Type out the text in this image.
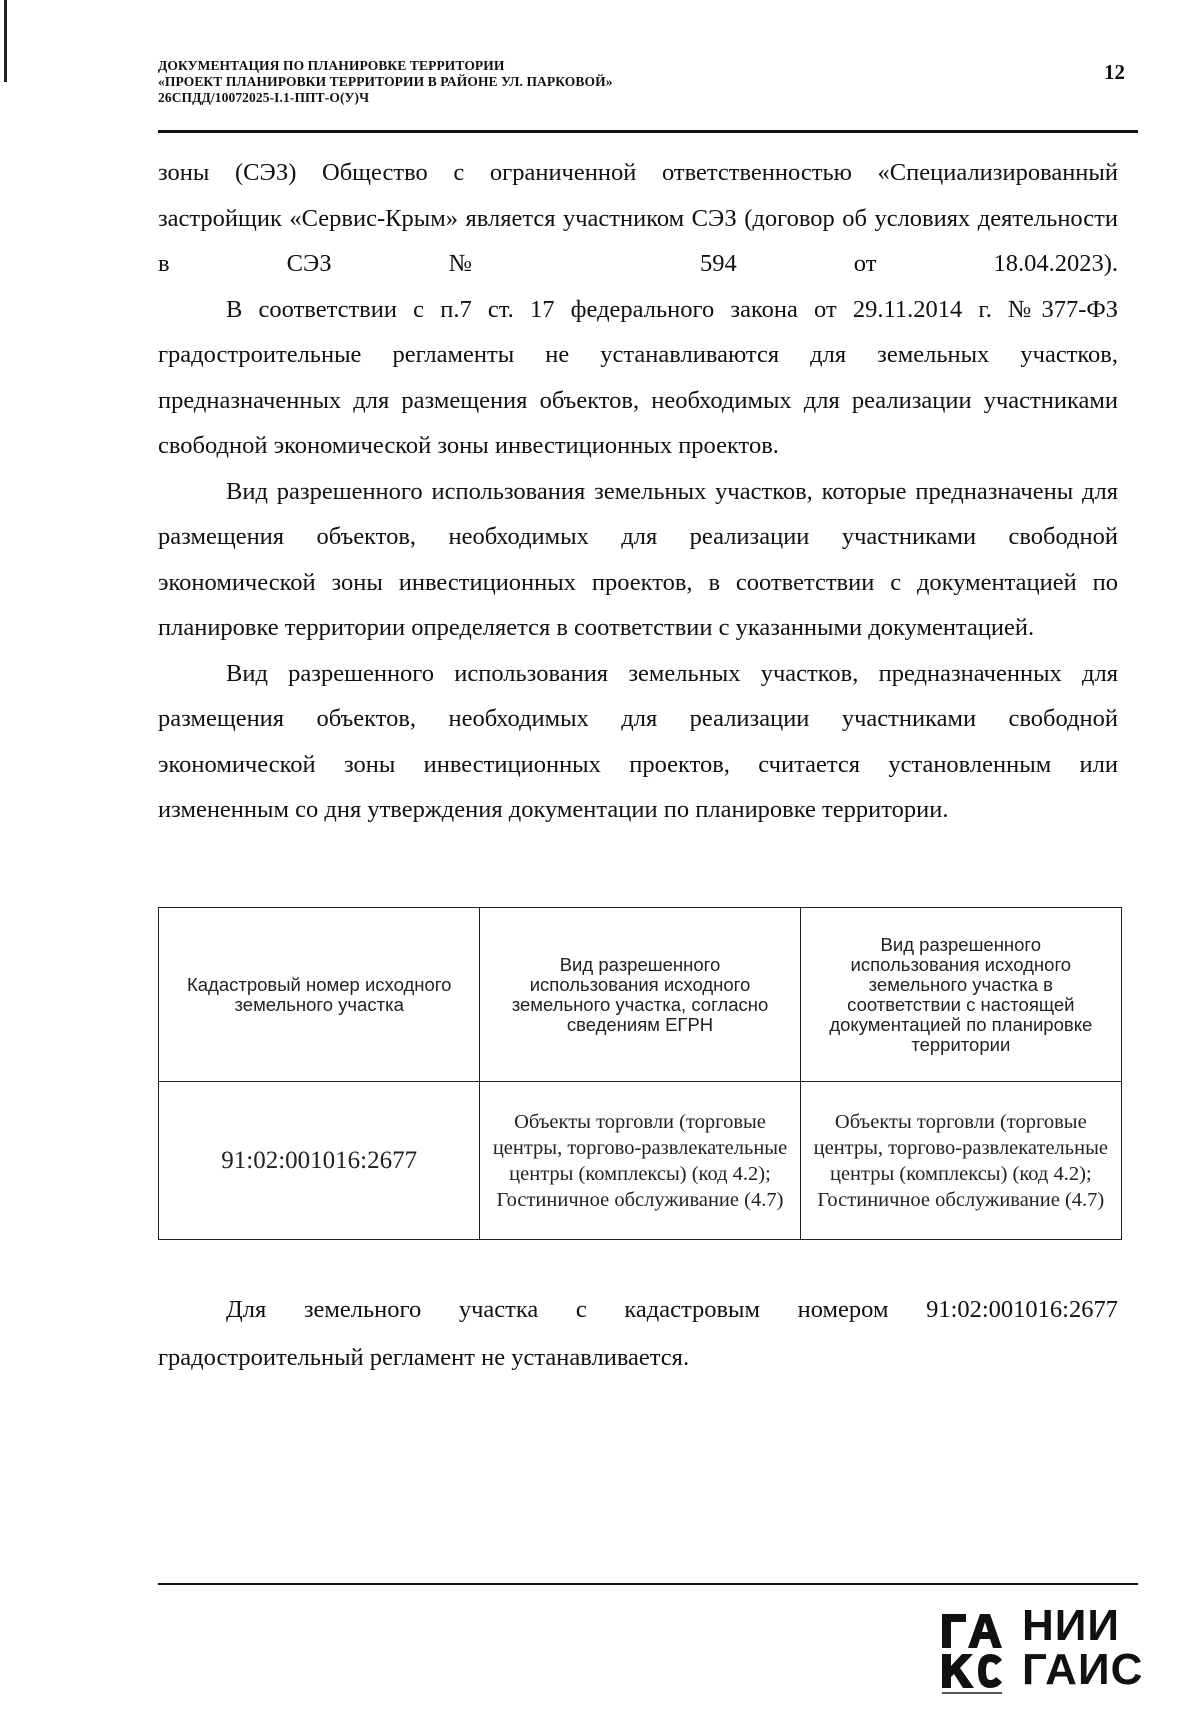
ДОКУМЕНТАЦИЯ ПО ПЛАНИРОВКЕ ТЕРРИТОРИИ
«ПРОЕКТ ПЛАНИРОВКИ ТЕРРИТОРИИ В РАЙОНЕ УЛ. ПАРКОВОЙ»
26СПДД/10072025-I.1-ППТ-О(У)Ч
12

зоны (СЭЗ) Общество с ограниченной ответственностью «Специализированный застройщик «Сервис-Крым» является участником СЭЗ (договор об условиях деятельности в СЭЗ № 594 от 18.04.2023).

В соответствии с п.7 ст. 17 федерального закона от 29.11.2014 г. №377-ФЗ градостроительные регламенты не устанавливаются для земельных участков, предназначенных для размещения объектов, необходимых для реализации участниками свободной экономической зоны инвестиционных проектов.

Вид разрешенного использования земельных участков, которые предназначены для размещения объектов, необходимых для реализации участниками свободной экономической зоны инвестиционных проектов, в соответствии с документацией по планировке территории определяется в соответствии с указанными документацией.

Вид разрешенного использования земельных участков, предназначенных для размещения объектов, необходимых для реализации участниками свободной экономической зоны инвестиционных проектов, считается установленным или измененным со дня утверждения документации по планировке территории.

Кадастровый номер исходного земельного участка	Вид разрешенного использования исходного земельного участка, согласно сведениям ЕГРН	Вид разрешенного использования исходного земельного участка в соответствии с настоящей документацией по планировке территории
91:02:001016:2677	Объекты торговли (торговые центры, торгово-развлекательные центры (комплексы) (код 4.2); Гостиничное обслуживание (4.7)	Объекты торговли (торговые центры, торгово-развлекательные центры (комплексы) (код 4.2); Гостиничное обслуживание (4.7)

Для земельного участка с кадастровым номером 91:02:001016:2677 градостроительный регламент не устанавливается.

НИИ
ГАИС
